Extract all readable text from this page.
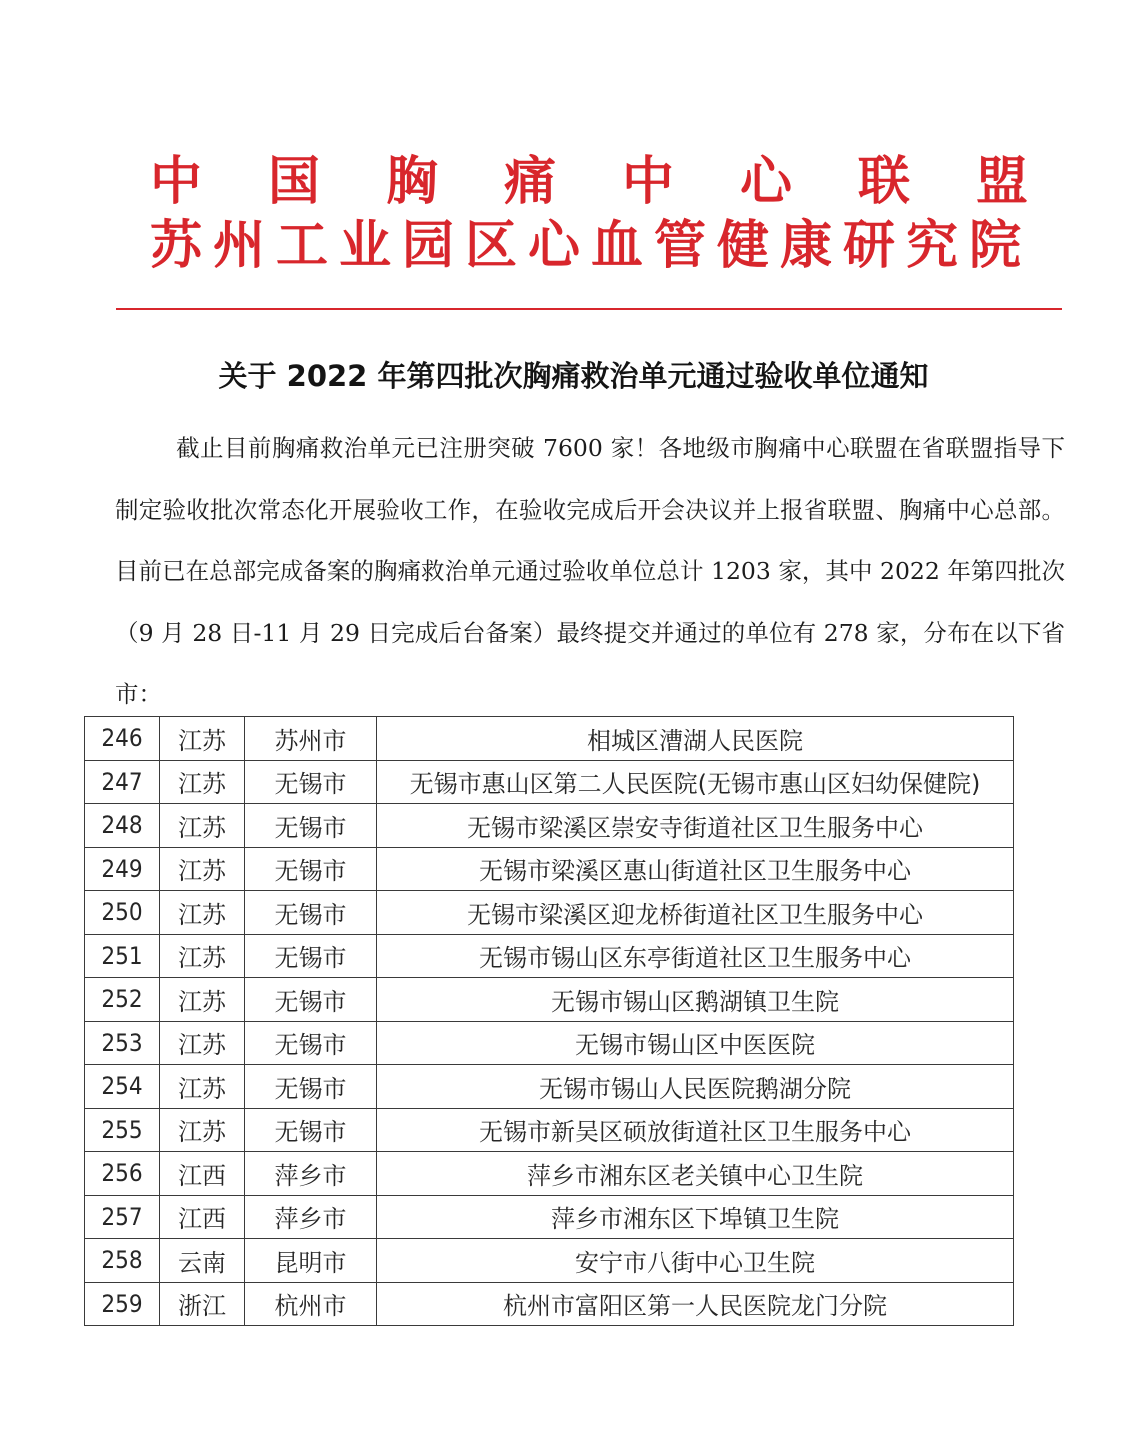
中国胸痛中心联盟
苏州工业园区心血管健康研究院
关于 2022 年第四批次胸痛救治单元通过验收单位通知

截止目前胸痛救治单元已注册突破 7600 家！各地级市胸痛中心联盟在省联盟指导下制定验收批次常态化开展验收工作，在验收完成后开会决议并上报省联盟、胸痛中心总部。目前已在总部完成备案的胸痛救治单元通过验收单位总计 1203 家，其中 2022 年第四批次（9 月 28 日-11 月 29 日完成后台备案）最终提交并通过的单位有 278 家，分布在以下省市：

246	江苏	苏州市	相城区漕湖人民医院
247	江苏	无锡市	无锡市惠山区第二人民医院(无锡市惠山区妇幼保健院)
248	江苏	无锡市	无锡市梁溪区崇安寺街道社区卫生服务中心
249	江苏	无锡市	无锡市梁溪区惠山街道社区卫生服务中心
250	江苏	无锡市	无锡市梁溪区迎龙桥街道社区卫生服务中心
251	江苏	无锡市	无锡市锡山区东亭街道社区卫生服务中心
252	江苏	无锡市	无锡市锡山区鹅湖镇卫生院
253	江苏	无锡市	无锡市锡山区中医医院
254	江苏	无锡市	无锡市锡山人民医院鹅湖分院
255	江苏	无锡市	无锡市新吴区硕放街道社区卫生服务中心
256	江西	萍乡市	萍乡市湘东区老关镇中心卫生院
257	江西	萍乡市	萍乡市湘东区下埠镇卫生院
258	云南	昆明市	安宁市八街中心卫生院
259	浙江	杭州市	杭州市富阳区第一人民医院龙门分院
